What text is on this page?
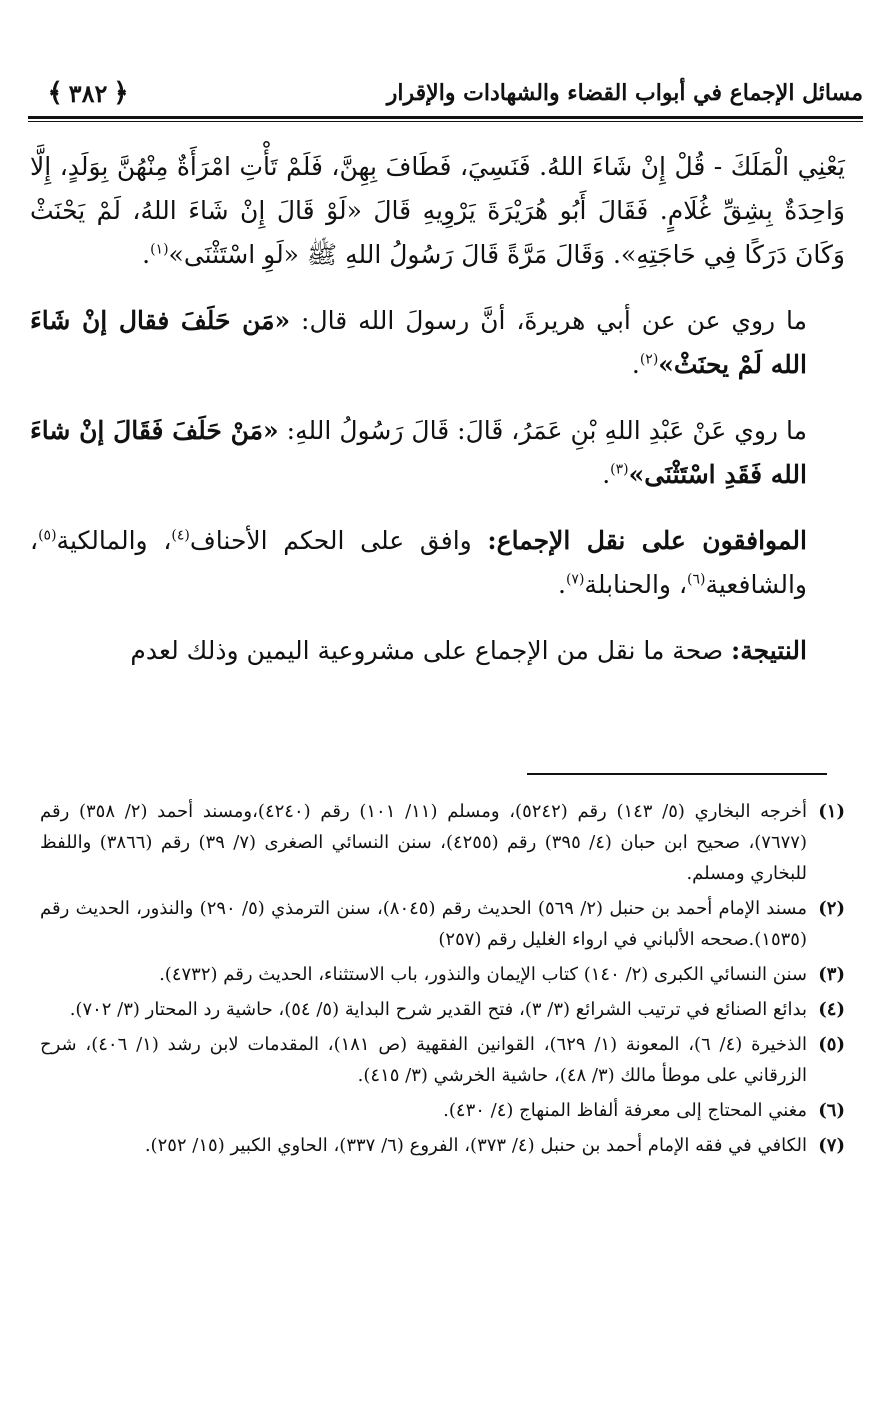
مسائل الإجماع في أبواب القضاء والشهادات والإقرار
﴿
٣٨٢
﴾

يَعْنِي الْمَلَكَ - قُلْ إِنْ شَاءَ اللهُ. فَنَسِيَ، فَطَافَ بِهِنَّ، فَلَمْ تَأْتِ امْرَأَةٌ مِنْهُنَّ بِوَلَدٍ، إِلَّا وَاحِدَةٌ بِشِقِّ غُلَامٍ. فَقَالَ أَبُو هُرَيْرَةَ يَرْوِيهِ قَالَ «لَوْ قَالَ إِنْ شَاءَ اللهُ، لَمْ يَحْنَثْ وَكَانَ دَرَكًا فِي حَاجَتِهِ». وَقَالَ مَرَّةً قَالَ رَسُولُ اللهِ ﷺ «لَوِ اسْتَثْنَى»$^{(١)}$.

ما روي عن عن أبي هريرةَ، أنَّ رسولَ الله قال: «مَن حَلَفَ فقال إنْ شَاءَ الله لَمْ يحنَثْ»$^{(٢)}$.

ما روي عَنْ عَبْدِ اللهِ بْنِ عَمَرُ، قَالَ: قَالَ رَسُولُ اللهِ: «مَنْ حَلَفَ فَقَالَ إنْ شاءَ الله فَقَدِ اسْتَثْنَى»$^{(٣)}$.

الموافقون على نقل الإجماع: وافق على الحكم الأحناف$^{(٤)}$، والمالكية$^{(٥)}$، والشافعية$^{(٦)}$، والحنابلة$^{(٧)}$.

النتيجة: صحة ما نقل من الإجماع على مشروعية اليمين وذلك لعدم

(١)
أخرجه البخاري (٥/ ١٤٣) رقم (٥٢٤٢)، ومسلم (١١/ ١٠١) رقم (٤٢٤٠)،ومسند أحمد (٢/ ٣٥٨) رقم (٧٦٧٧)، صحيح ابن حبان (٤/ ٣٩٥) رقم (٤٢٥٥)، سنن النسائي الصغرى (٧/ ٣٩) رقم (٣٨٦٦) واللفظ للبخاري ومسلم.
(٢)
مسند الإمام أحمد بن حنبل (٢/ ٥٦٩) الحديث رقم (٨٠٤٥)، سنن الترمذي (٥/ ٢٩٠) والنذور، الحديث رقم (١٥٣٥).صححه الألباني في ارواء الغليل رقم (٢٥٧)
(٣)
سنن النسائي الكبرى (٢/ ١٤٠) كتاب الإيمان والنذور، باب الاستثناء، الحديث رقم (٤٧٣٢).
(٤)
بدائع الصنائع في ترتيب الشرائع (٣/ ٣)، فتح القدير شرح البداية (٥/ ٥٤)، حاشية رد المحتار (٣/ ٧٠٢).
(٥)
الذخيرة (٤/ ٦)، المعونة (١/ ٦٢٩)، القوانين الفقهية (ص ١٨١)، المقدمات لابن رشد (١/ ٤٠٦)، شرح الزرقاني على موطأ مالك (٣/ ٤٨)، حاشية الخرشي (٣/ ٤١٥).
(٦)
مغني المحتاج إلى معرفة ألفاظ المنهاج (٤/ ٤٣٠).
(٧)
الكافي في فقه الإمام أحمد بن حنبل (٤/ ٣٧٣)، الفروع (٦/ ٣٣٧)، الحاوي الكبير (١٥/ ٢٥٢).
